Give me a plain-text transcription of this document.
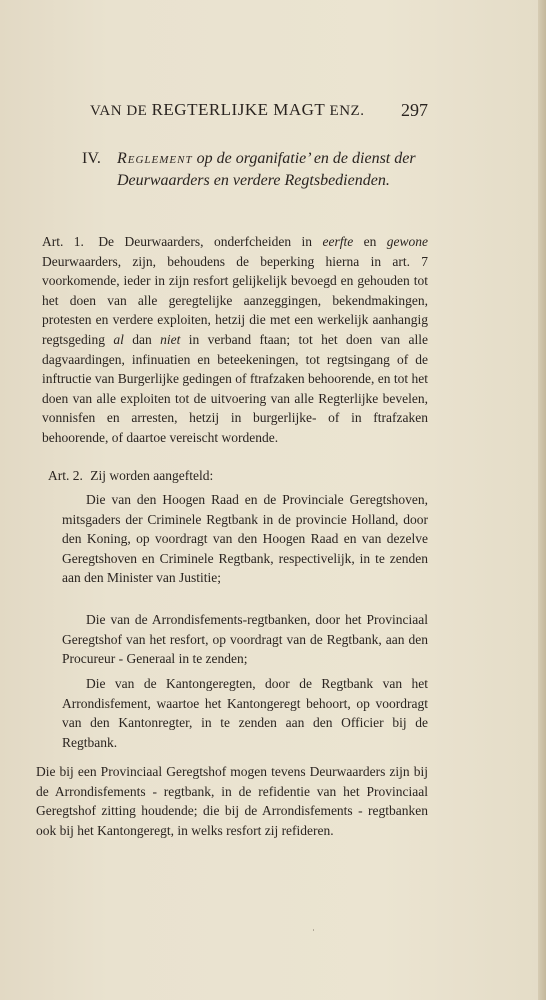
VAN DE REGTERLIJKE MAGT ENZ. 297
IV. Reglement op de organifatie’ en de dienst der Deurwaarders en verdere Regtsbedienden.
Art. 1. De Deurwaarders, onderfcheiden in eerfte en gewone Deurwaarders, zijn, behoudens de beperking hierna in art. 7 voorkomende, ieder in zijn resfort gelijkelijk bevoegd en gehouden tot het doen van alle geregtelijke aanzeggingen, bekendmakingen, protesten en verdere exploiten, hetzij die met een werkelijk aanhangig regtsgeding al dan niet in verband ftaan; tot het doen van alle dagvaardingen, infinuatien en beteekeningen, tot regtsingang of de inftructie van Burgerlijke gedingen of ftrafzaken behoorende, en tot het doen van alle exploiten tot de uitvoering van alle Regterlijke bevelen, vonnisfen en arresten, hetzij in burgerlijke- of in ftrafzaken behoorende, of daartoe vereischt wordende.
Art. 2. Zij worden aangefteld:
Die van den Hoogen Raad en de Provinciale Geregtshoven, mitsgaders der Criminele Regtbank in de provincie Holland, door den Koning, op voordragt van den Hoogen Raad en van dezelve Geregtshoven en Criminele Regtbank, respectivelijk, in te zenden aan den Minister van Justitie;
Die van de Arrondisfements-regtbanken, door het Provinciaal Geregtshof van het resfort, op voordragt van de Regtbank, aan den Procureur - Generaal in te zenden;
Die van de Kantongeregten, door de Regtbank van het Arrondisfement, waartoe het Kantongeregt behoort, op voordragt van den Kantonregter, in te zenden aan den Officier bij de Regtbank.
Die bij een Provinciaal Geregtshof mogen tevens Deurwaarders zijn bij de Arrondisfements - regtbank, in de refidentie van het Provinciaal Geregtshof zitting houdende; die bij de Arrondisfements - regtbanken ook bij het Kantongeregt, in welks resfort zij refideren.
˙
